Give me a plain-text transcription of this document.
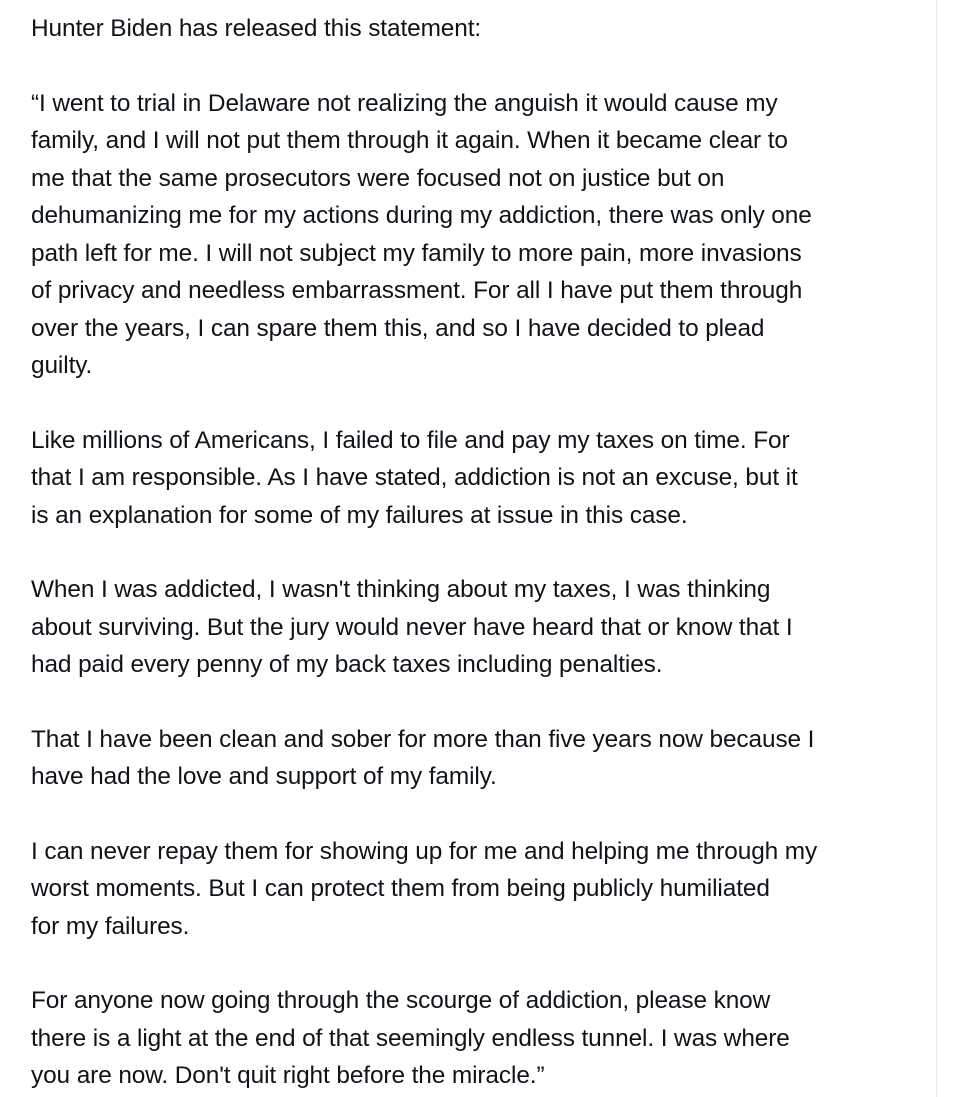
Hunter Biden has released this statement:

“I went to trial in Delaware not realizing the anguish it would cause my
family, and I will not put them through it again. When it became clear to
me that the same prosecutors were focused not on justice but on
dehumanizing me for my actions during my addiction, there was only one
path left for me. I will not subject my family to more pain, more invasions
of privacy and needless embarrassment. For all I have put them through
over the years, I can spare them this, and so I have decided to plead
guilty.

Like millions of Americans, I failed to file and pay my taxes on time. For
that I am responsible. As I have stated, addiction is not an excuse, but it
is an explanation for some of my failures at issue in this case.

When I was addicted, I wasn't thinking about my taxes, I was thinking
about surviving. But the jury would never have heard that or know that I
had paid every penny of my back taxes including penalties.

That I have been clean and sober for more than five years now because I
have had the love and support of my family.

I can never repay them for showing up for me and helping me through my
worst moments. But I can protect them from being publicly humiliated
for my failures.

For anyone now going through the scourge of addiction, please know
there is a light at the end of that seemingly endless tunnel. I was where
you are now. Don't quit right before the miracle.”
